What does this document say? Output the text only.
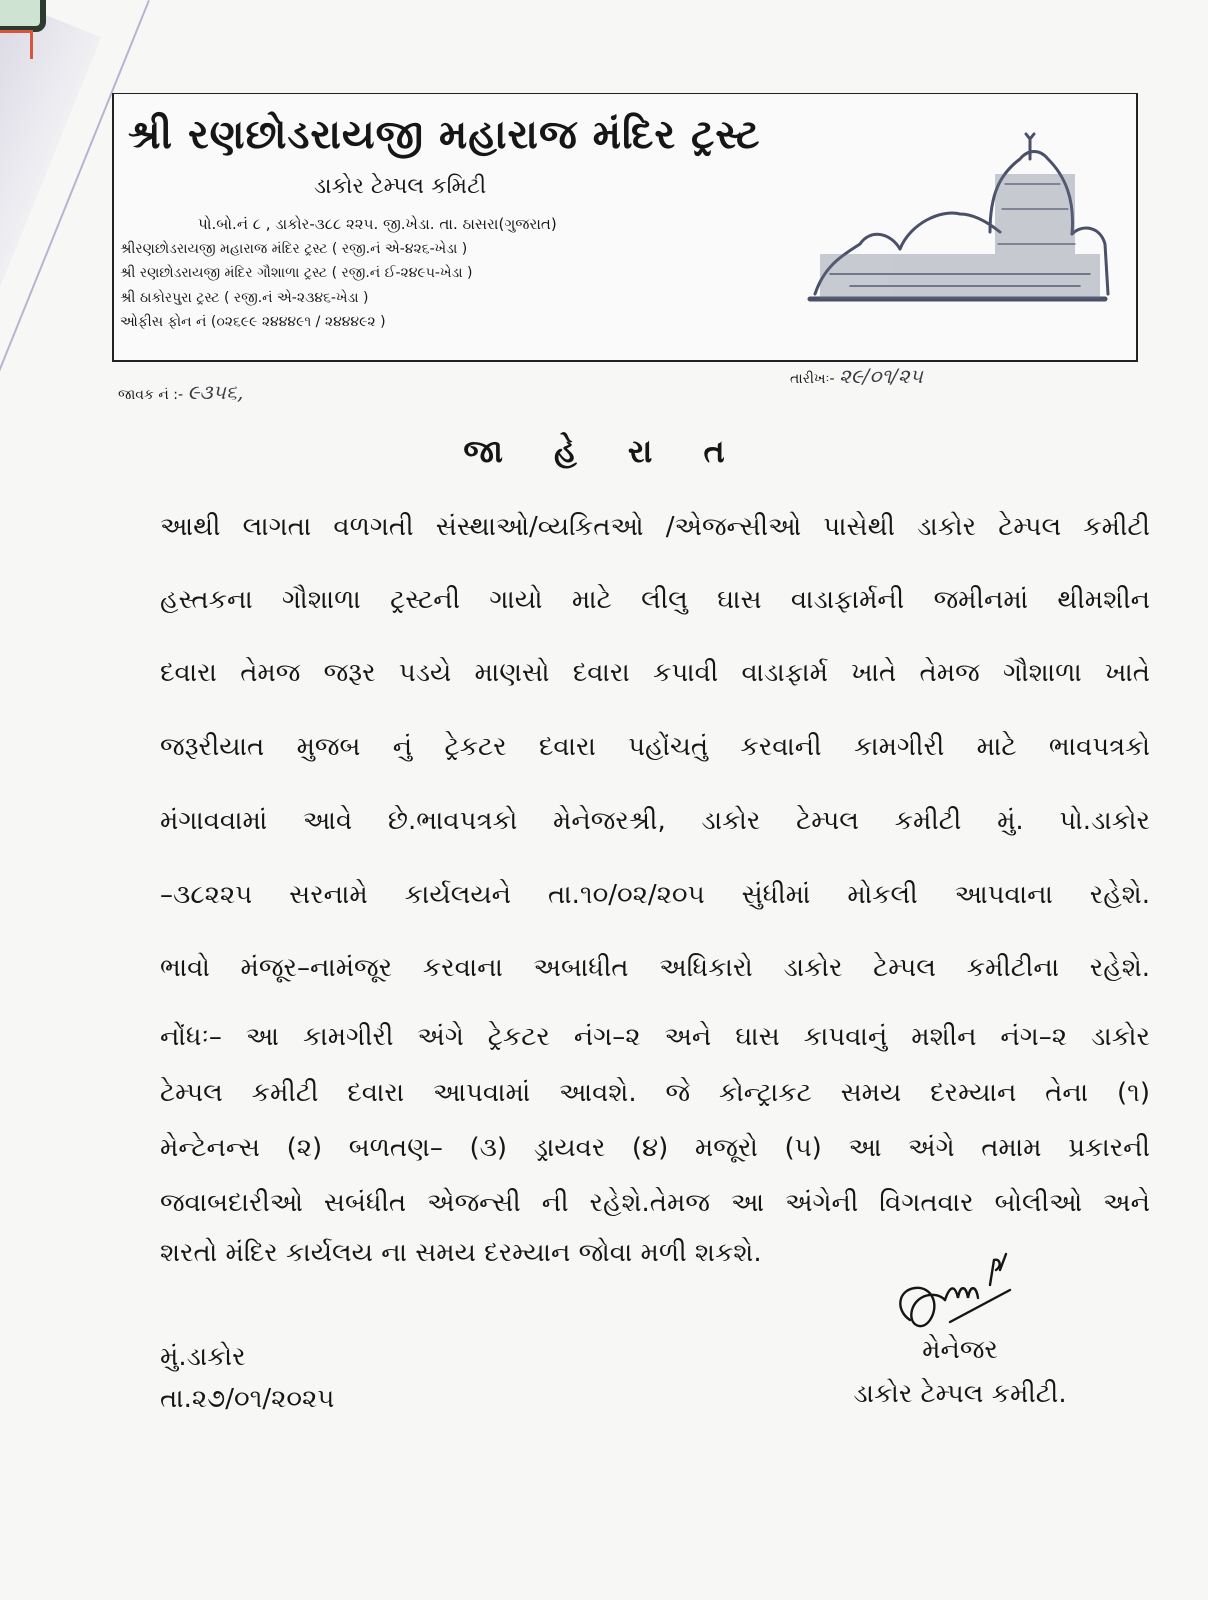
શ્રી રણછોડરાયજી મહારાજ મંદિર ટ્રસ્ટ
ડાકોર ટેમ્પલ કમિટી
પો.બો.નં ૮ , ડાકોર-૩૮૮ ૨૨૫. જી.ખેડા. તા. ઠાસરા(ગુજરાત)
શ્રીરણછોડરાયજી મહારાજ મંદિર ટ્રસ્ટ ( રજી.નં એ-૪૨૬-ખેડા )
શ્રી રણછોડરાયજી મંદિર ગૌશાળા ટ્રસ્ટ ( રજી.નં ઈ-૨૪૯૫-ખેડા )
શ્રી ઠાકોરપુરા ટ્રસ્ટ ( રજી.નં એ-૨૩૪૬-ખેડા )
ઓફીસ ફોન નં (૦૨૬૯૯ ૨૪૪૪૯૧ / ૨૪૪૪૯૨ )
જાવક નં :- ૯૩૫૬,
તારીખઃ- ૨૯/૦૧/૨૫
જા હે રા ત
આથી લાગતા વળગતી સંસ્થાઓ/વ્યકિતઓ /એજન્સીઓ પાસેથી ડાકોર ટેમ્પલ કમીટી
હસ્તકના ગૌશાળા ટ્રસ્ટની ગાયો માટે લીલુ ઘાસ વાડાફાર્મની જમીનમાં થીમશીન
દવારા તેમજ જરૂર પડયે માણસો દવારા કપાવી વાડાફાર્મ ખાતે તેમજ ગૌશાળા ખાતે
જરૂરીયાત મુજબ નું ટ્રેકટર દવારા પહોંચતું કરવાની કામગીરી માટે ભાવપત્રકો
મંગાવવામાં આવે છે.ભાવપત્રકો મેનેજરશ્રી, ડાકોર ટેમ્પલ કમીટી મું. પો.ડાકોર
–૩૮૨૨૫ સરનામે કાર્યલયને તા.૧૦/૦૨/૨૦૫ સુંધીમાં મોકલી આપવાના રહેશે.
ભાવો મંજૂર–નામંજૂર કરવાના અબાધીત અધિકારો ડાકોર ટેમ્પલ કમીટીના રહેશે.
નોંધઃ– આ કામગીરી અંગે ટ્રેકટર નંગ–૨ અને ઘાસ કાપવાનું મશીન નંગ–૨ ડાકોર
ટેમ્પલ કમીટી દવારા આપવામાં આવશે. જે કોન્ટ્રાકટ સમય દરમ્યાન તેના (૧)
મેન્ટેનન્સ (૨) બળતણ– (૩) ડ્રાયવર (૪) મજૂરો (૫) આ અંગે તમામ પ્રકારની
જવાબદારીઓ સબંધીત એજન્સી ની રહેશે.તેમજ આ અંગેની વિગતવાર બોલીઓ અને
શરતો મંદિર કાર્યલય ના સમય દરમ્યાન જોવા મળી શકશે.
મું.ડાકોર
તા.૨૭/૦૧/૨૦૨૫
મેનેજર
ડાકોર ટેમ્પલ કમીટી.
